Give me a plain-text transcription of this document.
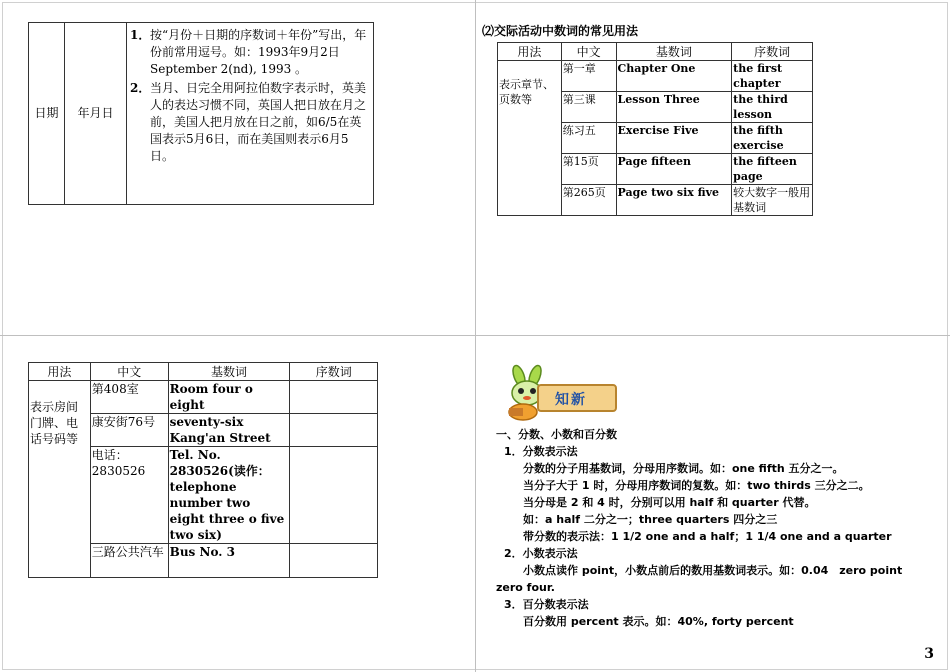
日期	年月日	
1． 按“月份＋日期的序数词＋年份”写出，年份前常用逗号。如：1993年9月2日September 2(nd), 1993 。
2． 当月、日完全用阿拉伯数字表示时，英美人的表达习惯不同，英国人把日放在月之前，美国人把月放在日之前，如6/5在英国表示5月6日，而在美国则表示6月5日。
⑵交际活动中数词的常见用法
用法	中文	基数词	序数词
表示章节、页数等	第一章	Chapter One	the first chapter
	第三课	Lesson Three	the third lesson
	练习五	Exercise Five	the fifth exercise
	第15页	Page fifteen	the fifteen page
	第265页	Page two six five	较大数字一般用基数词
用法	中文	基数词	序数词
表示房间门牌、电话号码等	第408室	Room four o eight	
	康安街76号	seventy-six Kang'an Street	
	电话：2830526	Tel. No. 2830526(读作：telephone number two eight three o five two six)	
	三路公共汽车	Bus No. 3	
知新
一、分数、小数和百分数
1．分数表示法
分数的分子用基数词，分母用序数词。如：one fifth 五分之一。
当分子大于 1 时，分母用序数词的复数。如：two thirds 三分之二。
当分母是 2 和 4 时，分别可以用 half 和 quarter 代替。
如：a half 二分之一；three quarters 四分之三
带分数的表示法：1 1/2 one and a half；1 1/4 one and a quarter
2．小数表示法
小数点读作 point，小数点前后的数用基数词表示。如：0.04　zero point
zero four.
3．百分数表示法
百分数用 percent 表示。如：40%, forty percent
3
